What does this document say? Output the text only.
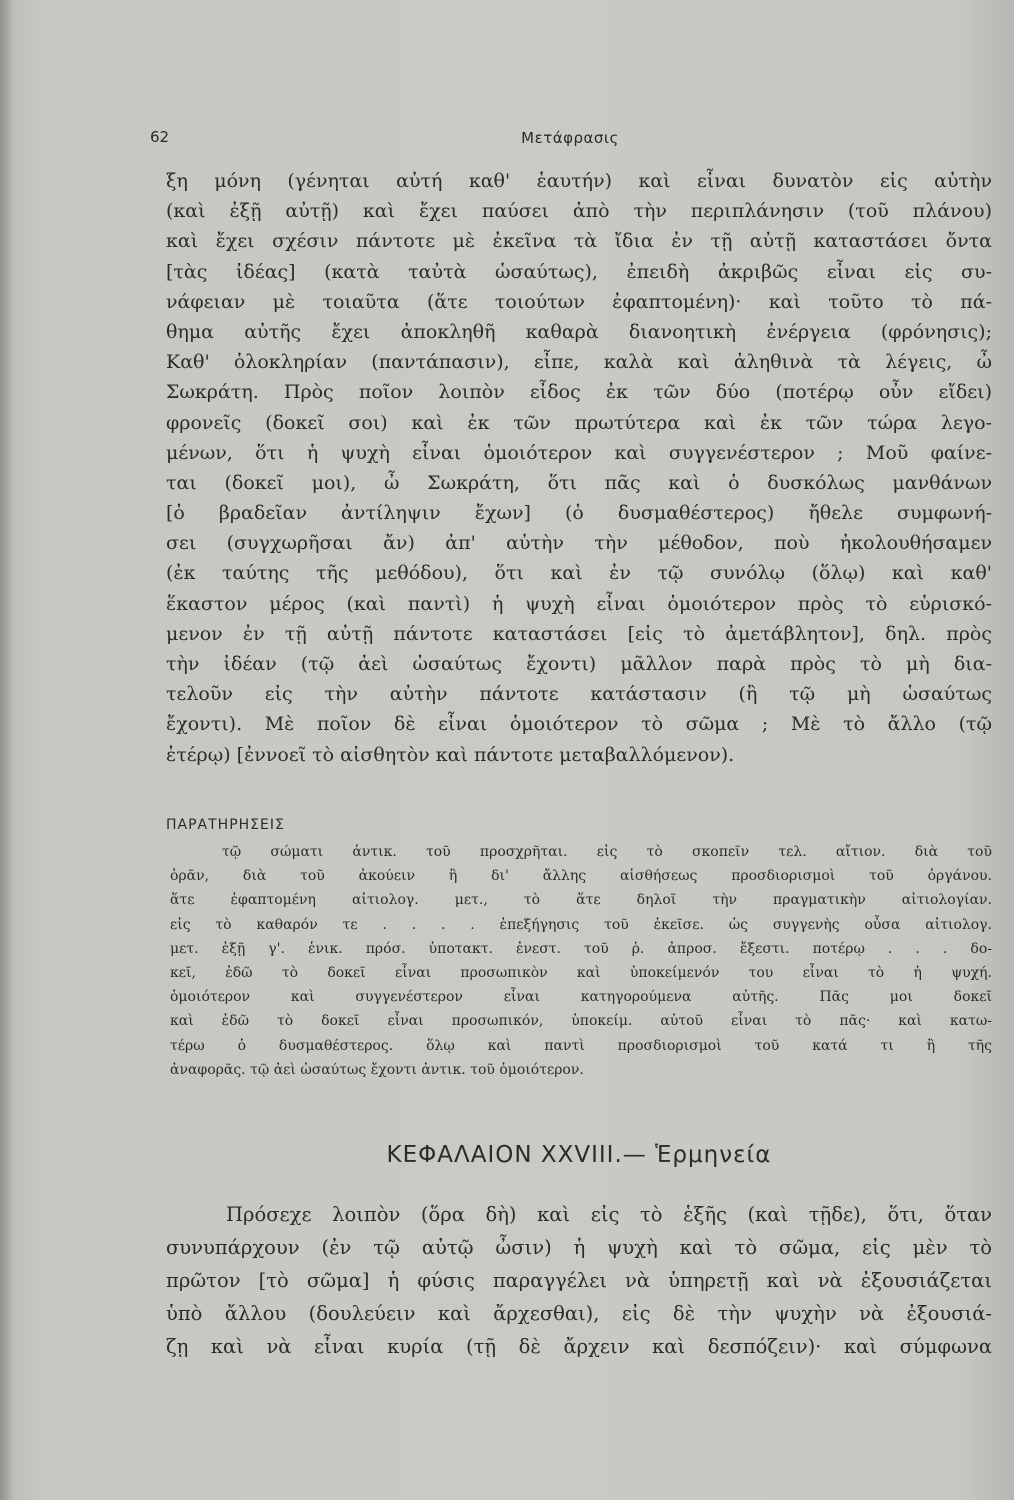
62	Μετάφρασις
ξη μόνη (γένηται αὐτή καθ' ἑαυτήν) καὶ εἶναι δυνατὸν εἰς αὐτὴν
(καὶ ἐξῇ αὐτῇ) καὶ ἔχει παύσει ἀπὸ τὴν περιπλάνησιν (τοῦ πλάνου)
καὶ ἔχει σχέσιν πάντοτε μὲ ἐκεῖνα τὰ ἴδια ἐν τῇ αὐτῇ καταστάσει ὄντα
[τὰς ἰδέας] (κατὰ ταὐτὰ ὡσαύτως), ἐπειδὴ ἀκριβῶς εἶναι εἰς συ-
νάφειαν μὲ τοιαῦτα (ἅτε τοιούτων ἐφαπτομένη)· καὶ τοῦτο τὸ πά-
θημα αὐτῆς ἔχει ἀποκληθῆ καθαρὰ διανοητικὴ ἐνέργεια (φρόνησις);
Καθ' ὁλοκληρίαν (παντάπασιν), εἶπε, καλὰ καὶ ἀληθινὰ τὰ λέγεις, ὦ
Σωκράτη. Πρὸς ποῖον λοιπὸν εἶδος ἐκ τῶν δύο (ποτέρῳ οὖν εἴδει)
φρονεῖς (δοκεῖ σοι) καὶ ἐκ τῶν πρωτύτερα καὶ ἐκ τῶν τώρα λεγο-
μένων, ὅτι ἡ ψυχὴ εἶναι ὁμοιότερον καὶ συγγενέστερον ; Μοῦ φαίνε-
ται (δοκεῖ μοι), ὦ Σωκράτη, ὅτι πᾶς καὶ ὁ δυσκόλως μανθάνων
[ὁ βραδεῖαν ἀντίληψιν ἔχων] (ὁ δυσμαθέστερος) ἤθελε συμφωνή-
σει (συγχωρῆσαι ἄν) ἀπ' αὐτὴν τὴν μέθοδον, ποὺ ἠκολουθήσαμεν
(ἐκ ταύτης τῆς μεθόδου), ὅτι καὶ ἐν τῷ συνόλῳ (ὅλῳ) καὶ καθ'
ἕκαστον μέρος (καὶ παντὶ) ἡ ψυχὴ εἶναι ὁμοιότερον πρὸς τὸ εὑρισκό-
μενον ἐν τῇ αὐτῇ πάντοτε καταστάσει [εἰς τὸ ἀμετάβλητον], δηλ. πρὸς
τὴν ἰδέαν (τῷ ἀεὶ ὡσαύτως ἔχοντι) μᾶλλον παρὰ πρὸς τὸ μὴ δια-
τελοῦν εἰς τὴν αὐτὴν πάντοτε κατάστασιν (ἢ τῷ μὴ ὡσαύτως
ἔχοντι). Μὲ ποῖον δὲ εἶναι ὁμοιότερον τὸ σῶμα ; Μὲ τὸ ἄλλο (τῷ
ἑτέρῳ) [ἐννοεῖ τὸ αἰσθητὸν καὶ πάντοτε μεταβαλλόμενον).
ΠΑΡΑΤΗΡΗΣΕΙΣ
τῷ σώματι ἀντικ. τοῦ προσχρῆται. εἰς τὸ σκοπεῖν τελ. αἴτιον. διὰ τοῦ
ὁρᾶν, διὰ τοῦ ἀκούειν ἢ δι' ἄλλης αἰσθήσεως προσδιορισμοὶ τοῦ ὀργάνου.
ἅτε ἐφαπτομένη αἰτιολογ. μετ., τὸ ἅτε δηλοῖ τὴν πραγματικὴν αἰτιολογίαν.
εἰς τὸ καθαρόν τε . . . . ἐπεξήγησις τοῦ ἐκεῖσε. ὡς συγγενὴς οὖσα αἰτιολογ.
μετ. ἐξῇ γ'. ἑνικ. πρόσ. ὑποτακτ. ἐνεστ. τοῦ ῥ. ἀπροσ. ἔξεστι. ποτέρῳ . . . δο-
κεῖ, ἐδῶ τὸ δοκεῖ εἶναι προσωπικὸν καὶ ὑποκείμενόν του εἶναι τὸ ἡ ψυχή.
ὁμοιότερον καὶ συγγενέστερον εἶναι κατηγορούμενα αὐτῆς. Πᾶς μοι δοκεῖ
καὶ ἐδῶ τὸ δοκεῖ εἶναι προσωπικόν, ὑποκείμ. αὐτοῦ εἶναι τὸ πᾶς· καὶ κατω-
τέρω ὁ δυσμαθέστερος. ὅλῳ καὶ παντὶ προσδιορισμοὶ τοῦ κατά τι ἢ τῆς
ἀναφορᾶς. τῷ ἀεὶ ὡσαύτως ἔχοντι ἀντικ. τοῦ ὁμοιότερον.
ΚΕΦΑΛΑΙΟΝ XXVIII.— Ἑρμηνεία
Πρόσεχε λοιπὸν (ὅρα δὴ) καὶ εἰς τὸ ἑξῆς (καὶ τῇδε), ὅτι, ὅταν
συνυπάρχουν (ἐν τῷ αὐτῷ ὦσιν) ἡ ψυχὴ καὶ τὸ σῶμα, εἰς μὲν τὸ
πρῶτον [τὸ σῶμα] ἡ φύσις παραγγέλει νὰ ὑπηρετῇ καὶ νὰ ἐξουσιάζεται
ὑπὸ ἄλλου (δουλεύειν καὶ ἄρχεσθαι), εἰς δὲ τὴν ψυχὴν νὰ ἐξουσιά-
ζῃ καὶ νὰ εἶναι κυρία (τῇ δὲ ἄρχειν καὶ δεσπόζειν)· καὶ σύμφωνα
